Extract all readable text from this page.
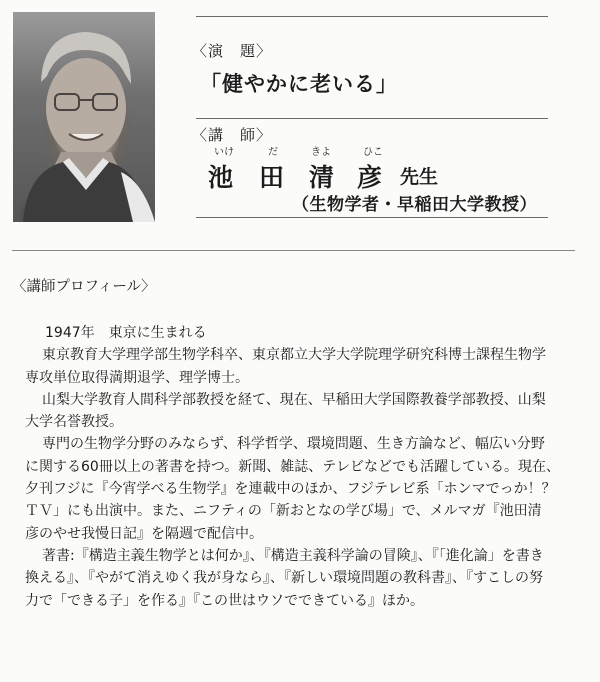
〈演　題〉
「健やかに老いる」
〈講　師〉
いけ	だ	きよ	ひこ
池 田 清 彦 先生
（生物学者・早稲田大学教授）
〈講師プロフィール〉
1947年　東京に生まれる
東京教育大学理学部生物学科卒、東京都立大学大学院理学研究科博士課程生物学
専攻単位取得満期退学、理学博士。
山梨大学教育人間科学部教授を経て、現在、早稲田大学国際教養学部教授、山梨
大学名誉教授。
専門の生物学分野のみならず、科学哲学、環境問題、生き方論など、幅広い分野
に関する60冊以上の著書を持つ。新聞、雑誌、テレビなどでも活躍している。現在、
夕刊フジに『今宵学べる生物学』を連載中のほか、フジテレビ系「ホンマでっか！？
ＴＶ」にも出演中。また、ニフティの「新おとなの学び場」で、メルマガ『池田清
彦のやせ我慢日記』を隔週で配信中。
著書:『構造主義生物学とは何か』、『構造主義科学論の冒険』、『「進化論」を書き
換える』、『やがて消えゆく我が身なら』、『新しい環境問題の教科書』、『すこしの努
力で「できる子」を作る』『この世はウソでできている』ほか。
